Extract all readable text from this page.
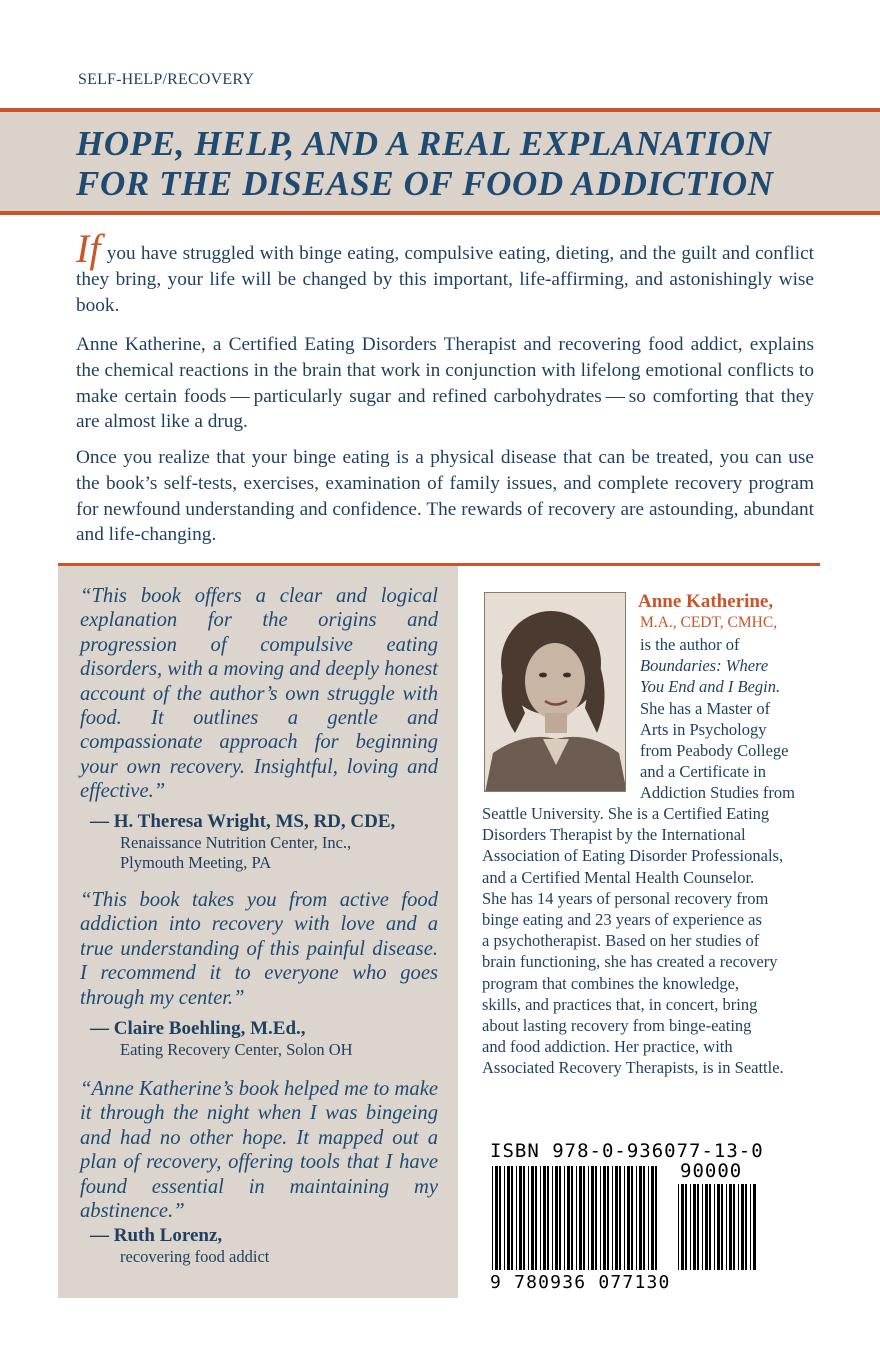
SELF-HELP/RECOVERY
HOPE, HELP, AND A REAL EXPLANATION
FOR THE DISEASE OF FOOD ADDICTION

If you have struggled with binge eating, compulsive eating, dieting, and the guilt and conflict they bring, your life will be changed by this important, life-affirming, and astonishingly wise book.

Anne Katherine, a Certified Eating Disorders Therapist and recovering food addict, explains the chemical reactions in the brain that work in conjunction with lifelong emotional conflicts to make certain foods — particularly sugar and refined carbohydrates — so comforting that they are almost like a drug.

Once you realize that your binge eating is a physical disease that can be treated, you can use the book’s self-tests, exercises, examination of family issues, and complete recovery program for newfound understanding and confidence. The rewards of recovery are astounding, abundant and life-changing.

“This book offers a clear and logical explanation for the origins and progression of compulsive eating disorders, with a moving and deeply honest account of the author’s own struggle with food. It outlines a gentle and compassionate approach for beginning your own recovery. Insightful, loving and effective.”

— H. Theresa Wright, MS, RD, CDE,
Renaissance Nutrition Center, Inc.,
Plymouth Meeting, PA

“This book takes you from active food addiction into recovery with love and a true understanding of this painful disease. I recommend it to everyone who goes through my center.”

— Claire Boehling, M.Ed.,
Eating Recovery Center, Solon OH

“Anne Katherine’s book helped me to make it through the night when I was bingeing and had no other hope. It mapped out a plan of recovery, offering tools that I have found essential in maintaining my abstinence.”

— Ruth Lorenz,
recovering food addict
Anne Katherine,
M.A., CEDT, CMHC,

is the author of
Boundaries: Where
You End and I Begin.
She has a Master of
Arts in Psychology
from Peabody College
and a Certificate in
Addiction Studies from

Seattle University. She is a Certified Eating
Disorders Therapist by the International
Association of Eating Disorder Professionals,
and a Certified Mental Health Counselor.
She has 14 years of personal recovery from
binge eating and 23 years of experience as
a psychotherapist. Based on her studies of
brain functioning, she has created a recovery
program that combines the knowledge,
skills, and practices that, in concert, bring
about lasting recovery from binge-eating
and food addiction. Her practice, with
Associated Recovery Therapists, is in Seattle.

ISBN 978-0-936077-13-0
90000
9 780936 077130
